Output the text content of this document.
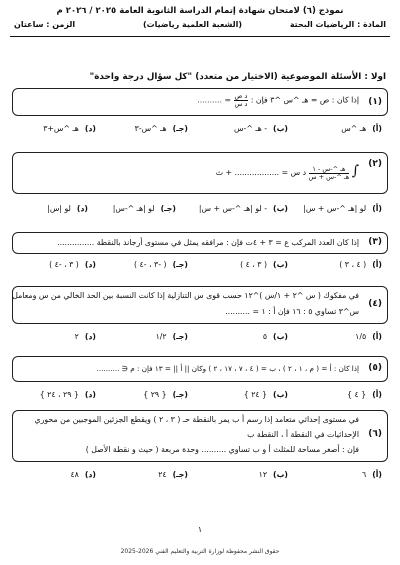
نموذج (٦) لامتحان شهادة إتمام الدراسة الثانوية العامة ٢٠٢٥ / ٢٠٢٦ م
المادة : الرياضيات البحتة
(الشعبة العلمية رياضيات)
الزمن : ساعتان
اولا : الأسئلة الموضوعية (الاختيار من متعدد) "كل سؤال درجة واحدة"
(١)
إذا كان : ص = هـ ^س ^٣ فإن :
$\frac{\text{د ص}}{\text{د س}}$
= ..........
(أ)هـ ^س
(ب)- هـ ^-س
(جـ)هـ ^س-٣
(د)هـ ^س+٣
(٢)
∫
$\frac{\text{هـ \textasciicircum{}-س - ١}}{\text{هـ \textasciicircum{}-س + س}}$
د س = .................. + ث
(أ)لو |هـ ^-س + س|
(ب)- لو |هـ ^-س + س|
(جـ)لو |هـ ^-س|
(د)لو |س|
(٣)
إذا كان العدد المركب ع = ٣ + ٤ت فإن : مرافقه يمثل في مستوى أرجاند بالنقطة ...............
(أ)( ٤ ، ٣ )
(ب)( ٣ ، ٤ )
(جـ)( -٣ ، -٤ )
(د)( ٣ ، -٤ )
(٤)
في مفكوك ( س ^٢ + ١/س )^١٢ حسب قوى س التنازلية إذا كانت النسبة بين الحد الخالي من س ومعامل
س^٣ تساوي ٥ : ١٦ فإن أ : ١ = ..........
(أ)١/٥
(ب)٥
(جـ)١/٢
(د)٢
(٥)
إذا كان : أ = ( م ، ١ ، ٢ ) ، ب = ( ٤ ، ٧ ، ١٧ ، ٢ ) وكان || أ || = ١٣ فإن : م ∈ ..........
(أ){ ٤ }
(ب){ ٢٤ }
(جـ){ ٢٩ }
(د){ ٢٩ ، ٢٤ }
(٦)
في مستوى إحداثي متعامد إذا رسم أ ب يمر بالنقطة حـ ( ٣ ، ٢ ) ويقطع الجزئين الموجبين من محوري
الإحداثيات في النقطة أ ، النقطة ب
فإن : أصغر مساحة للمثلث أ و ب تساوي .......... وحدة مربعة ( حيث و نقطة الأصل )
(أ)٦
(ب)١٢
(جـ)٢٤
(د)٤٨
١
حقوق النشر محفوظة لوزارة التربية والتعليم الفني 2026-2025
